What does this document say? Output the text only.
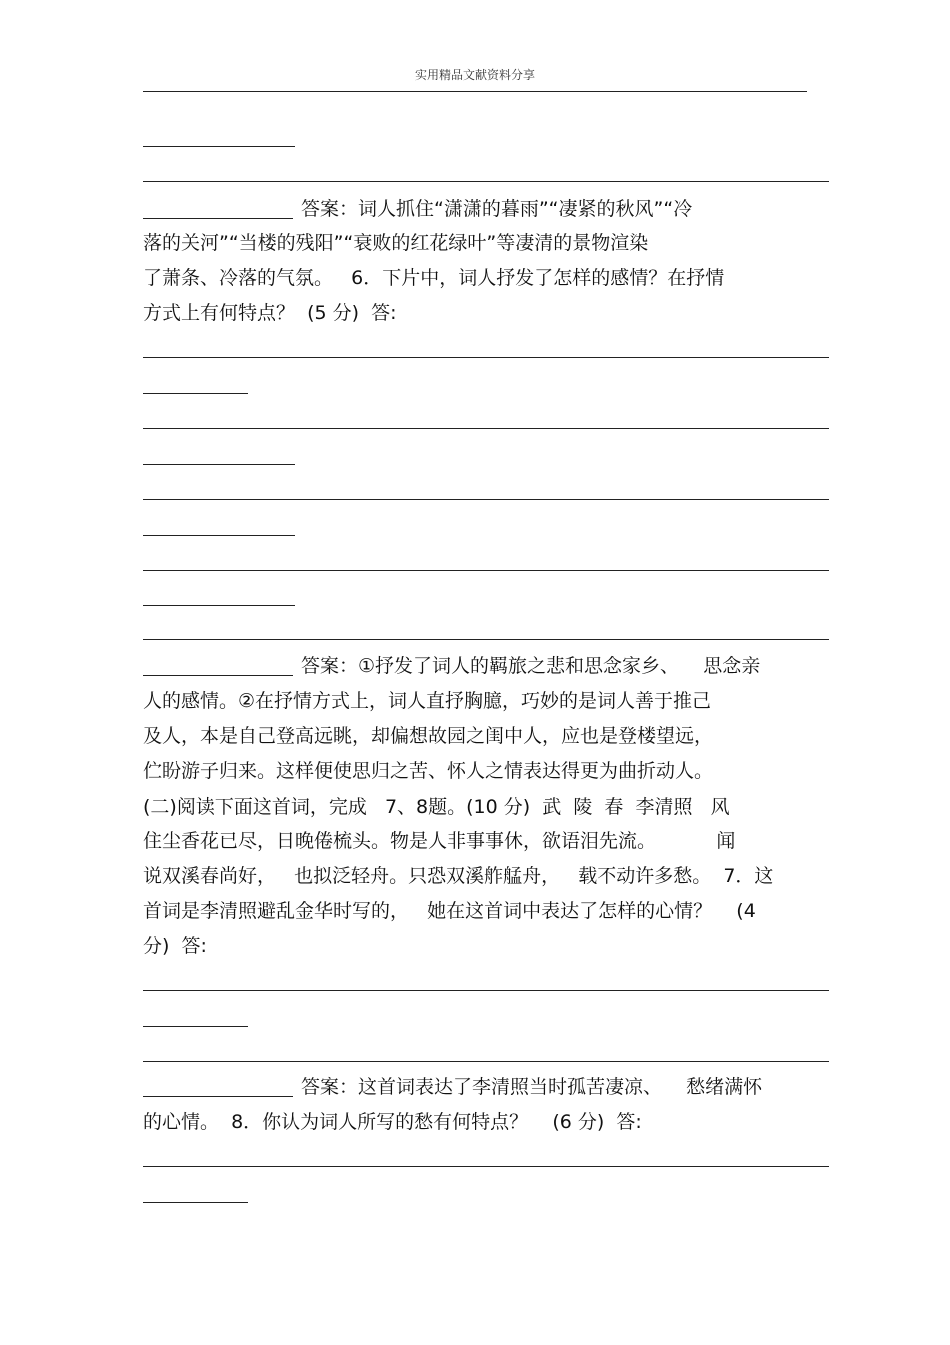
实用精品文献资料分享
答案：词人抓住“潇潇的暮雨”“凄紧的秋风”“冷
落的关河”“当楼的残阳”“衰败的红花绿叶”等凄清的景物渲染
了萧条、冷落的气氛。   6．下片中，词人抒发了怎样的感情？在抒情
方式上有何特点？  (5 分)  答:
答案：①抒发了词人的羁旅之悲和思念家乡、    思念亲
人的感情。②在抒情方式上，词人直抒胸臆，巧妙的是词人善于推己
及人，本是自己登高远眺，却偏想故园之闺中人，应也是登楼望远，
伫盼游子归来。这样便使思归之苦、怀人之情表达得更为曲折动人。
(二)阅读下面这首词，完成   7、8题。(10 分)  武  陵  春  李清照   风
住尘香花已尽，日晚倦梳头。物是人非事事休，欲语泪先流。          闻
说双溪春尚好，   也拟泛轻舟。只恐双溪舴艋舟，   载不动许多愁。  7．这
首词是李清照避乱金华时写的，   她在这首词中表达了怎样的心情？    (4
分)  答:
答案：这首词表达了李清照当时孤苦凄凉、    愁绪满怀
的心情。  8．你认为词人所写的愁有何特点？    (6 分)  答:
